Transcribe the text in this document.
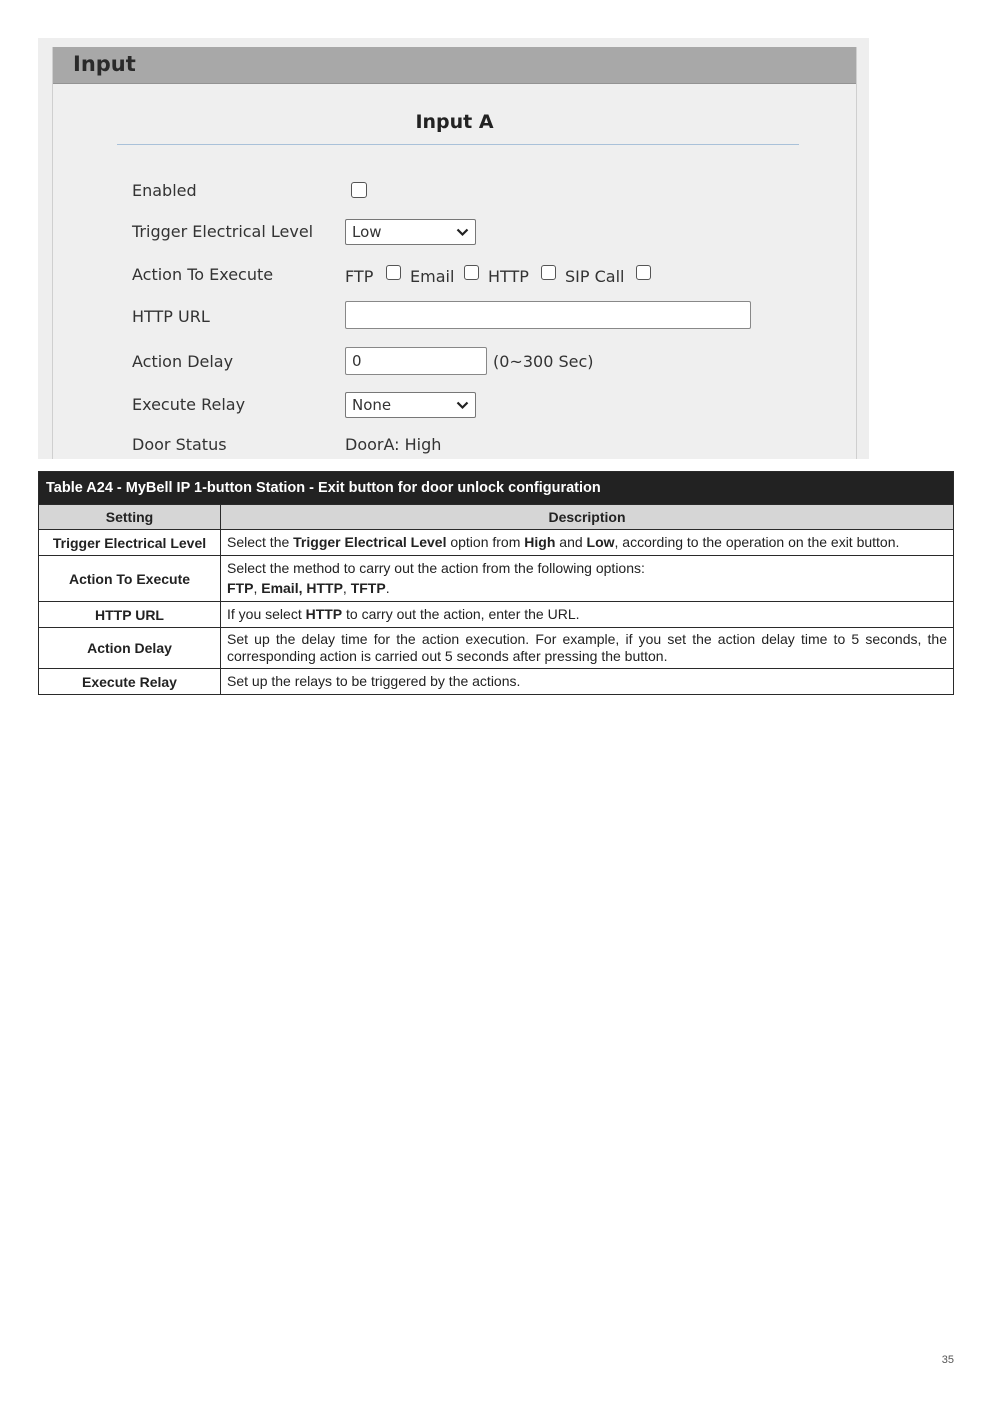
Input
Input A
Enabled
Trigger Electrical Level	Low
Action To Execute	FTP Email HTTP SIP Call
HTTP URL
Action Delay	0	(0~300 Sec)
Execute Relay	None
Door Status	DoorA: High
Table A24 - MyBell IP 1-button Station - Exit button for door unlock configuration	
Setting	Description
Trigger Electrical Level	Select the Trigger Electrical Level option from High and Low, according to the operation on the exit button.
Action To Execute	Select the method to carry out the action from the following options:
FTP, Email, HTTP, TFTP.

HTTP URL	If you select HTTP to carry out the action, enter the URL.
Action Delay	Set up the delay time for the action execution. For example, if you set the action delay time to 5 seconds, the corresponding action is carried out 5 seconds after pressing the button.
Execute Relay	Set up the relays to be triggered by the actions.
35
